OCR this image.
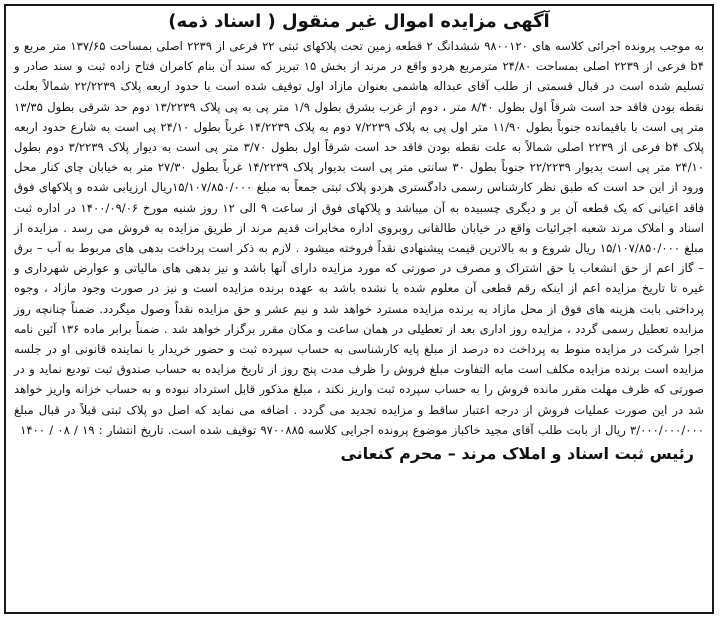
آگهی مزایده اموال غیر منقول ( اسناد ذمه)

به موجب پرونده اجرائی کلاسه های ۹۸۰۰۱۲۰ ششدانگ ۲ قطعه زمین تحت پلاکهای ثبتی ۲۲ فرعی از ۲۲۳۹ اصلی بمساحت ۱۳۷/۶۵ متر مربع و b۴ فرعی از ۲۲۳۹ اصلی بمساحت ۲۴/۸۰ مترمربع هردو واقع در مرند از بخش ۱۵ تبریز که سند آن بنام کامران فتاح زاده ثبت و سند صادر و تسلیم شده است در قبال قسمتی از طلب آقای عبداله هاشمی بعنوان مازاد اول توقیف شده است با حدود اربعه پلاک ۲۲/۲۲۳۹ شمالاً بعلت نقطه بودن فاقد حد است شرقاً اول بطول ۸/۴۰ متر ، دوم از غرب بشرق بطول ۱/۹ متر پی به پی پلاک ۱۳/۲۲۳۹ دوم حد شرقی بطول ۱۳/۳۵ متر پی است با باقیمانده جنوباً بطول ۱۱/۹۰ متر اول پی به پلاک ۷/۲۲۳۹ دوم به پلاک ۱۴/۲۲۳۹ غرباً بطول ۲۴/۱۰ پی است به شارع حدود اربعه پلاک b۴ فرعی از ۲۲۳۹ اصلی شمالاً به علت نقطه بودن فاقد حد است شرقاً اول بطول ۳/۷۰ متر پی است به دیوار پلاک ۳/۲۲۳۹ دوم بطول ۲۴/۱۰ متر پی است بدیوار ۲۲/۲۲۳۹ جنوباً بطول ۳۰ سانتی متر پی است بدیوار پلاک ۱۴/۲۲۳۹ غرباً بطول ۲۷/۳۰ متر به خیابان چای کنار محل ورود از این حد است که طبق نظر کارشناس رسمی دادگستری هردو پلاک ثبتی جمعاً به مبلغ ۱۵/۱۰۷/۸۵۰/۰۰۰ریال ارزیابی شده و پلاکهای فوق فاقد اعیانی که یک قطعه آن بر و دیگری چسبیده به آن میباشد و پلاکهای فوق از ساعت ۹ الی ۱۲ روز شنبه مورخ ۱۴۰۰/۰۹/۰۶ در اداره ثبت اسناد و املاک مرند شعبه اجرائیات واقع در خیابان طالقانی روبروی اداره مخابرات قدیم مرند از طریق مزایده به فروش می رسد . مزایده از مبلغ ۱۵/۱۰۷/۸۵۰/۰۰۰ ریال شروع و به بالاترین قیمت پیشنهادی نقداً فروخته میشود . لازم به ذکر است پرداخت بدهی های مربوط به آب – برق – گاز اعم از حق انشعاب یا حق اشتراک و مصرف در صورتی که مورد مزایده دارای آنها باشد و نیز بدهی های مالیاتی و عوارض شهرداری و غیره تا تاریخ مزایده اعم از اینکه رقم قطعی آن معلوم شده یا نشده باشد به عهده برنده مزایده است و نیز در صورت وجود مازاد ، وجوه پرداختی بابت هزینه های فوق از محل مازاد به برنده مزایده مسترد خواهد شد و نیم عشر و حق مزایده نقداً وصول میگردد. ضمناً چنانچه روز مزایده تعطیل رسمی گردد ، مزایده روز اداری بعد از تعطیلی در همان ساعت و مکان مقرر برگزار خواهد شد . ضمناً برابر ماده ۱۳۶ آئین نامه اجرا شرکت در مزایده منوط به پرداخت ده درصد از مبلغ پایه کارشناسی به حساب سپرده ثبت و حضور خریدار یا نماینده قانونی او در جلسه مزایده است برنده مزایده مکلف است مابه التفاوت مبلغ فروش را ظرف مدت پنج روز از تاریخ مزایده به حساب صندوق ثبت تودیع نماید و در صورتی که ظرف مهلت مقرر مانده فروش را به حساب سپرده ثبت واریز نکند ، مبلغ مذکور قابل استرداد نبوده و به حساب خزانه واریز خواهد شد در این صورت عملیات فروش از درجه اعتبار ساقط و مزایده تجدید می گردد . اضافه می نماید که اصل دو پلاک ثبتی قبلاً در قبال مبلغ ۳/۰۰۰/۰۰۰/۰۰۰ ریال از بابت طلب آقای مجید خاکباز موضوع پرونده اجرایی کلاسه ۹۷۰۰۸۸۵ توقیف شده است. تاریخ انتشار : ۱۹ / ۰۸ / ۱۴۰۰

رئیس ثبت اسناد و املاک مرند – محرم کنعانی
